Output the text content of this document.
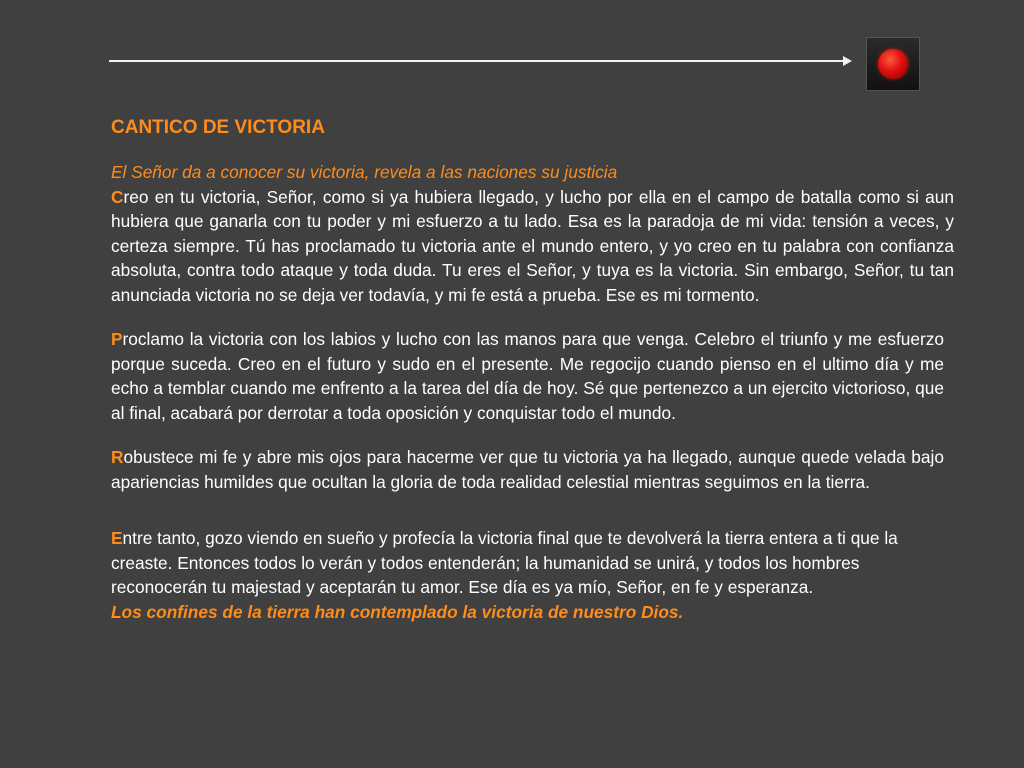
CANTICO DE VICTORIA

El Señor da a conocer su victoria, revela a las naciones su justicia

Creo en tu victoria, Señor, como si ya hubiera llegado, y lucho por ella en el campo de batalla como si aun hubiera que ganarla con tu poder y mi esfuerzo a tu lado. Esa es la paradoja de mi vida: tensión a veces, y certeza siempre. Tú has proclamado tu victoria ante el mundo entero, y yo creo en tu palabra con confianza absoluta, contra todo ataque y toda duda. Tu eres el Señor, y tuya es la victoria. Sin embargo, Señor, tu tan anunciada victoria no se deja ver todavía, y mi fe está a prueba. Ese es mi tormento.

Proclamo la victoria con los labios y lucho con las manos para que venga. Celebro el triunfo y me esfuerzo porque suceda. Creo en el futuro y sudo en el presente. Me regocijo cuando pienso en el ultimo día y me echo a temblar cuando me enfrento a la tarea del día de hoy. Sé que pertenezco a un ejercito victorioso, que al final, acabará por derrotar a toda oposición y conquistar todo el mundo.

Robustece mi fe y abre mis ojos para hacerme ver que tu victoria ya ha llegado, aunque quede velada bajo apariencias humildes que ocultan la gloria de toda realidad celestial mientras seguimos en la tierra.

Entre tanto, gozo viendo en sueño y profecía la victoria final que te devolverá la tierra entera a ti que la creaste. Entonces todos lo verán y todos entenderán; la humanidad se unirá, y todos los hombres reconocerán tu majestad y aceptarán tu amor. Ese día es ya mío, Señor, en fe y esperanza.

Los confines de la tierra han contemplado la victoria de nuestro Dios.
